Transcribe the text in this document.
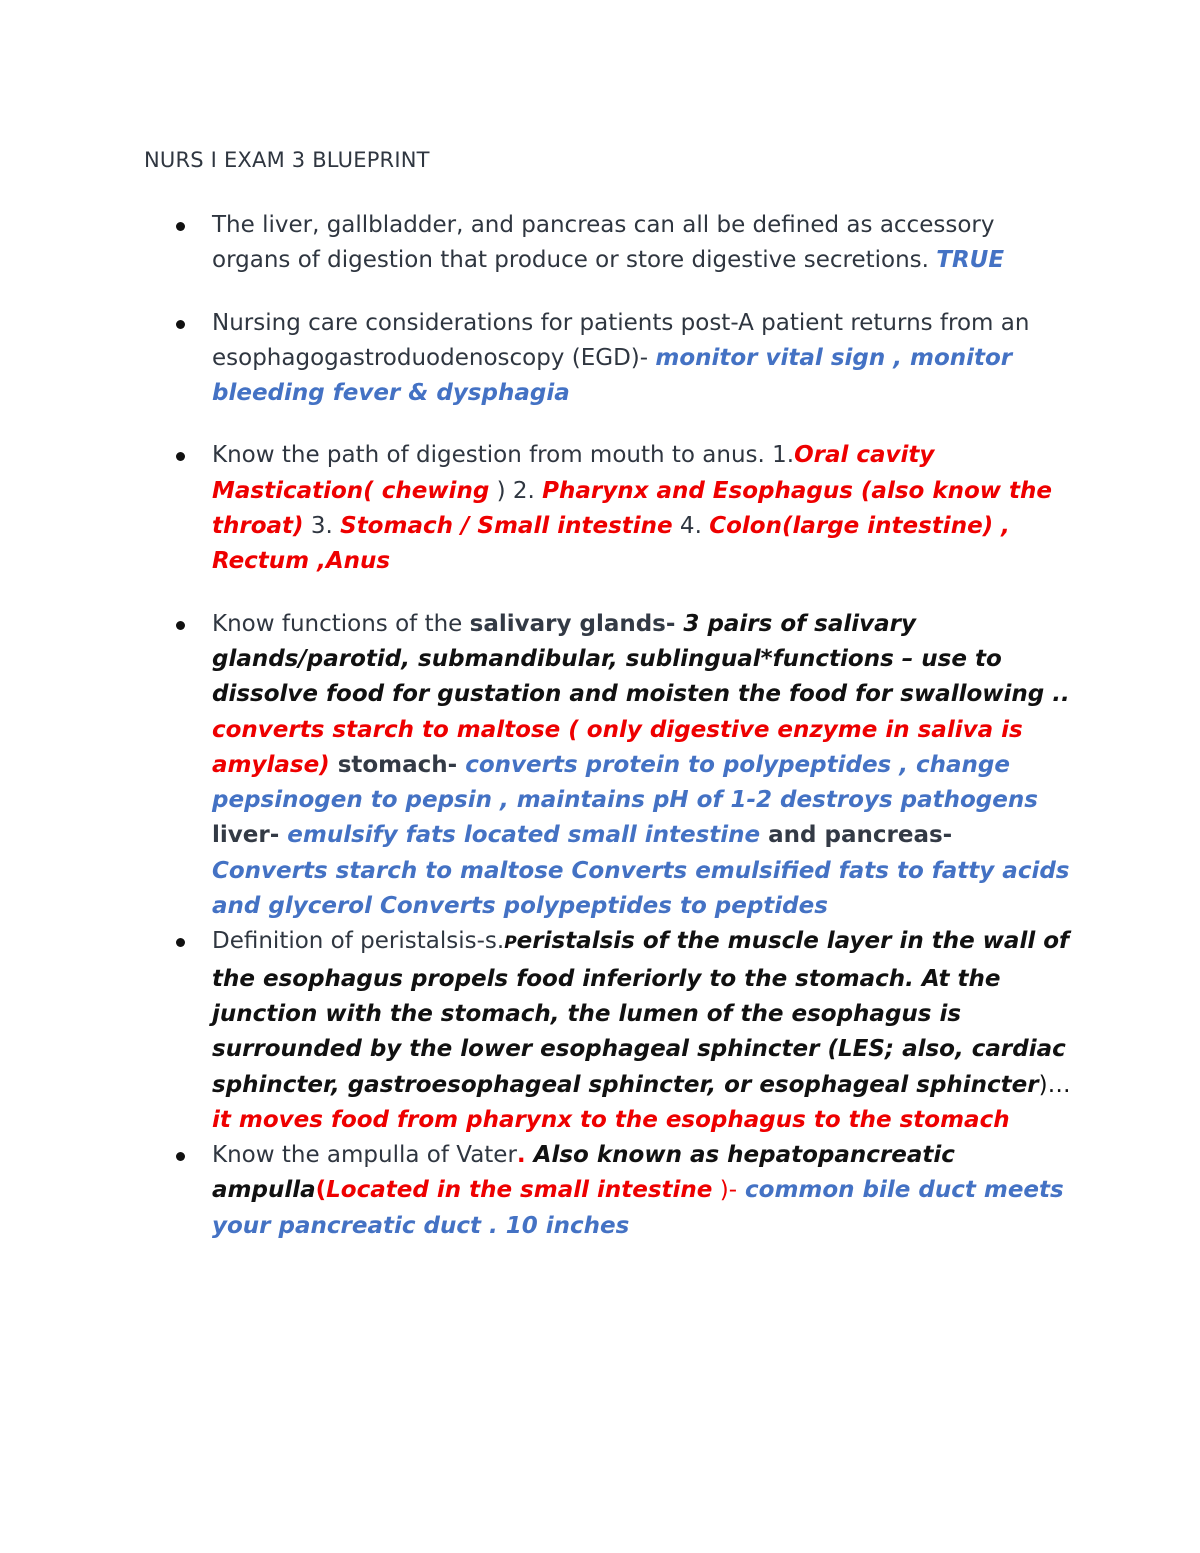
NURS I EXAM 3 BLUEPRINT
The liver, gallbladder, and pancreas can all be defined as accessory organs of digestion that produce or store digestive secretions. TRUE
Nursing care considerations for patients post-A patient returns from an esophagogastroduodenoscopy (EGD)- monitor vital sign , monitor bleeding fever & dysphagia
Know the path of digestion from mouth to anus. 1.Oral cavity Mastication( chewing ) 2. Pharynx and Esophagus (also know the throat) 3. Stomach / Small intestine 4. Colon(large intestine) , Rectum ,Anus
Know functions of the salivary glands- 3 pairs of salivary glands/parotid, submandibular, sublingual*functions – use to dissolve food for gustation and moisten the food for swallowing .. converts starch to maltose ( only digestive enzyme in saliva is amylase) stomach- converts protein to polypeptides , change pepsinogen to pepsin , maintains pH of 1-2 destroys pathogens liver- emulsify fats located small intestine and pancreas- Converts starch to maltose Converts emulsified fats to fatty acids and glycerol Converts polypeptides to peptides
Definition of peristalsis-s.Peristalsis of the muscle layer in the wall of the esophagus propels food inferiorly to the stomach. At the junction with the stomach, the lumen of the esophagus is surrounded by the lower esophageal sphincter (LES; also, cardiac sphincter, gastroesophageal sphincter, or esophageal sphincter)… it moves food from pharynx to the esophagus to the stomach
Know the ampulla of Vater. Also known as hepatopancreatic ampulla(Located in the small intestine )- common bile duct meets your pancreatic duct . 10 inches
